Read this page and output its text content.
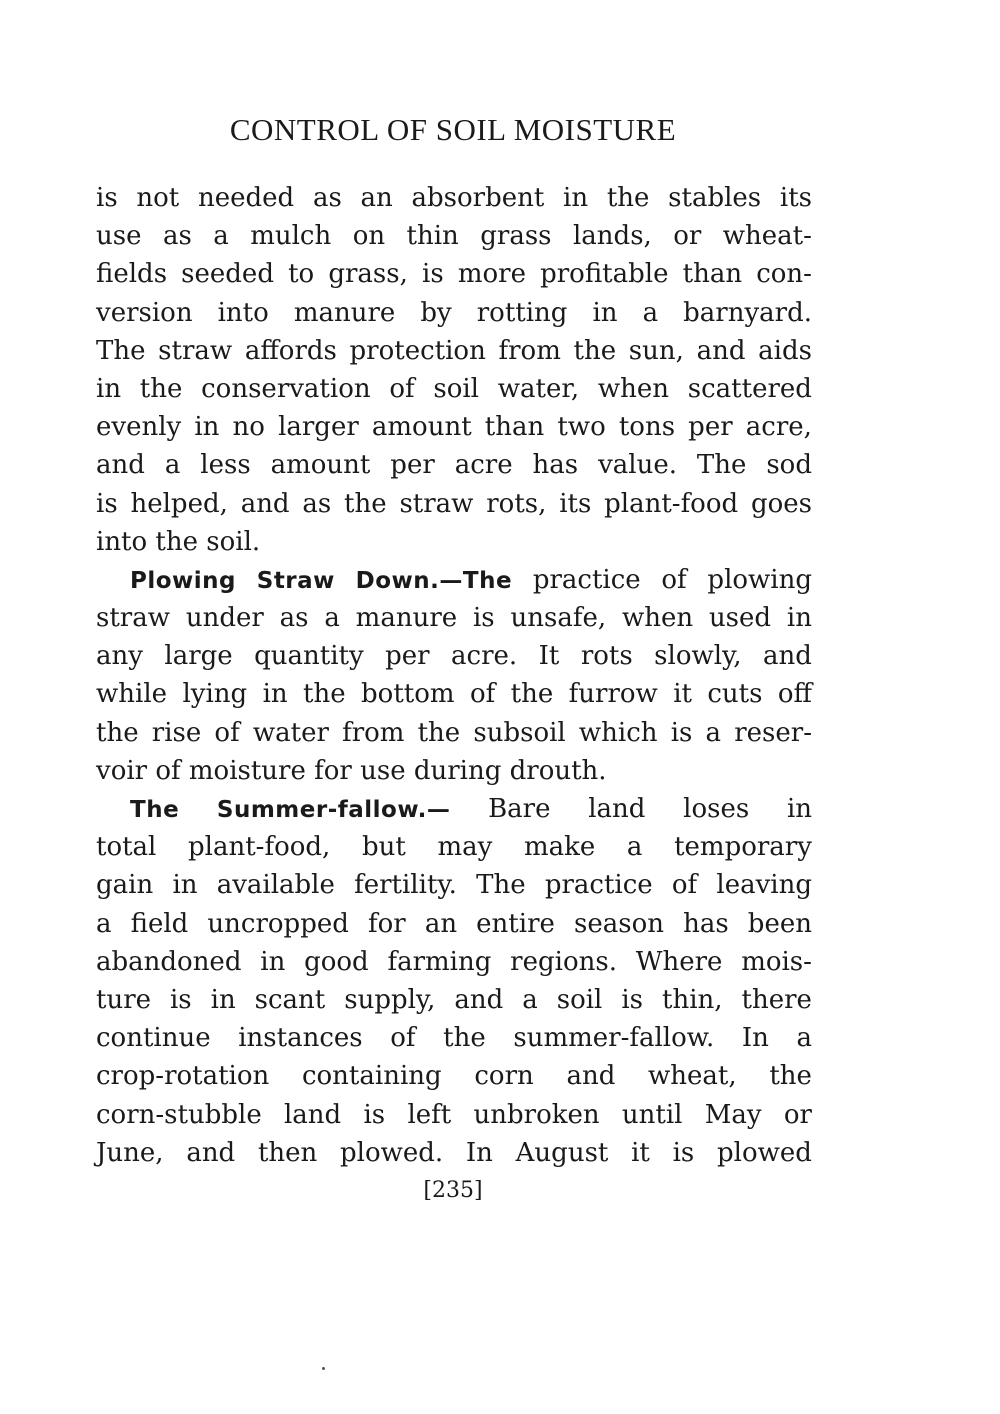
CONTROL OF SOIL MOISTURE

is not needed as an absorbent in the stables its

use as a mulch on thin grass lands, or wheat-

fields seeded to grass, is more profitable than con-

version into manure by rotting in a barnyard.

The straw affords protection from the sun, and aids

in the conservation of soil water, when scattered

evenly in no larger amount than two tons per acre,

and a less amount per acre has value. The sod

is helped, and as the straw rots, its plant-food goes

into the soil.

Plowing Straw Down.—The practice of plowing

straw under as a manure is unsafe, when used in

any large quantity per acre. It rots slowly, and

while lying in the bottom of the furrow it cuts off

the rise of water from the subsoil which is a reser-

voir of moisture for use during drouth.

The Summer-fallow.— Bare land loses in

total plant-food, but may make a temporary

gain in available fertility. The practice of leaving

a field uncropped for an entire season has been

abandoned in good farming regions. Where mois-

ture is in scant supply, and a soil is thin, there

continue instances of the summer-fallow. In a

crop-rotation containing corn and wheat, the

corn-stubble land is left unbroken until May or

June, and then plowed. In August it is plowed

[235]
